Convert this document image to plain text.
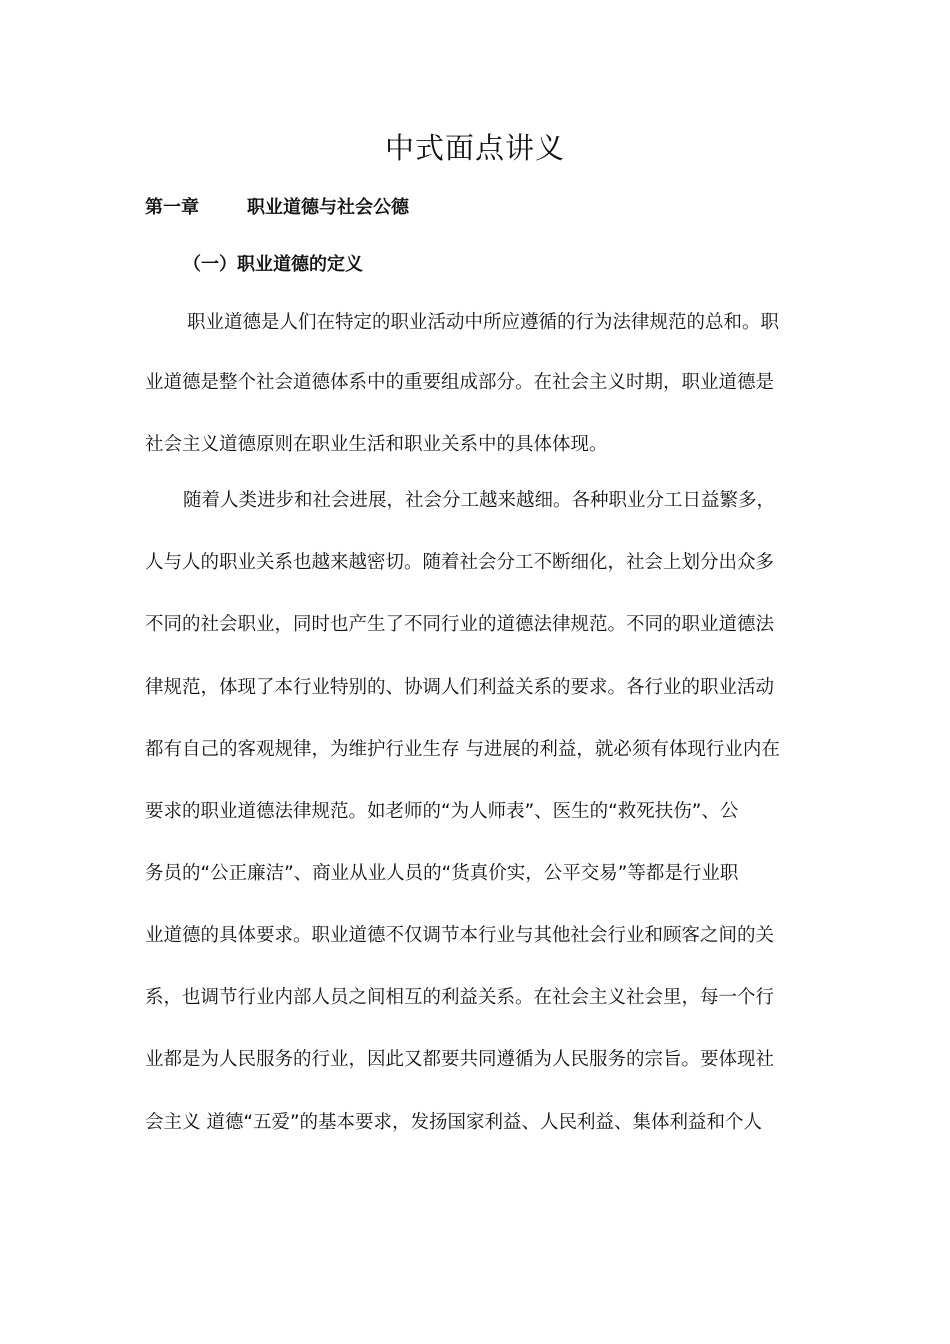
中式面点讲义
第一章	职业道德与社会公德
（一）职业道德的定义
职业道德是人们在特定的职业活动中所应遵循的行为法律规范的总和。职
业道德是整个社会道德体系中的重要组成部分。在社会主义时期，职业道德是
社会主义道德原则在职业生活和职业关系中的具体体现。
随着人类进步和社会进展，社会分工越来越细。各种职业分工日益繁多，
人与人的职业关系也越来越密切。随着社会分工不断细化，社会上划分出众多
不同的社会职业，同时也产生了不同行业的道德法律规范。不同的职业道德法
律规范，体现了本行业特别的、协调人们利益关系的要求。各行业的职业活动
都有自己的客观规律，为维护行业生存 与进展的利益，就必须有体现行业内在
要求的职业道德法律规范。如老师的“为人师表”、医生的“救死扶伤”、公
务员的“公正廉洁”、商业从业人员的“货真价实，公平交易”等都是行业职
业道德的具体要求。职业道德不仅调节本行业与其他社会行业和顾客之间的关
系，也调节行业内部人员之间相互的利益关系。在社会主义社会里，每一个行
业都是为人民服务的行业，因此又都要共同遵循为人民服务的宗旨。要体现社
会主义 道德“五爱”的基本要求，发扬国家利益、人民利益、集体利益和个人
